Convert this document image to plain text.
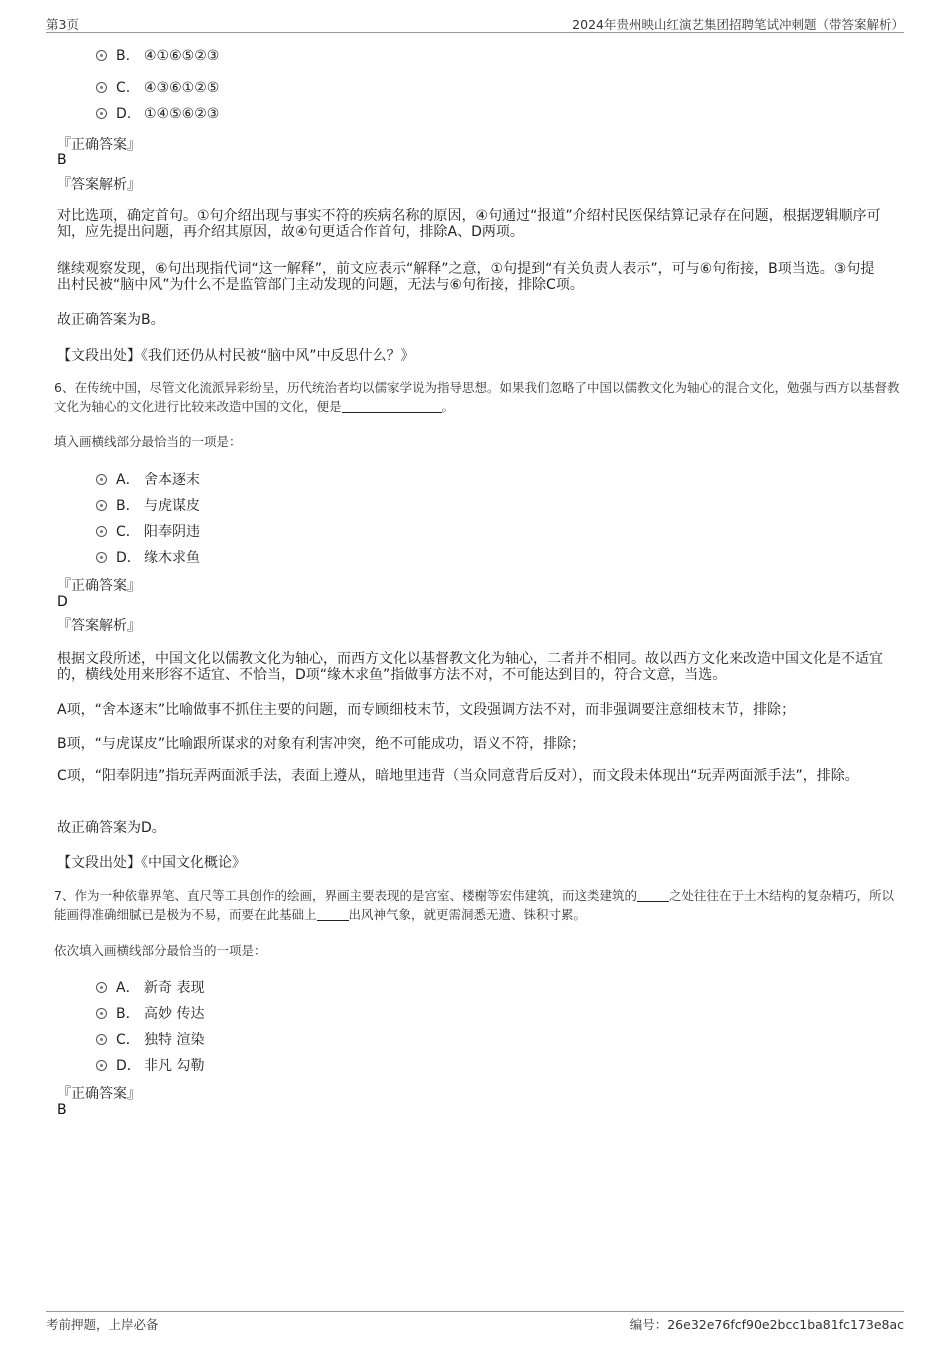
第3页	2024年贵州映山红演艺集团招聘笔试冲刺题（带答案解析）
B. ④①⑥⑤②③
C. ④③⑥①②⑤
D. ①④⑤⑥②③
『正确答案』
B
『答案解析』
对比选项，确定首句。①句介绍出现与事实不符的疾病名称的原因，④句通过“报道”介绍村民医保结算记录存在问题，根据逻辑顺序可知，应先提出问题，再介绍其原因，故④句更适合作首句，排除A、D两项。
继续观察发现，⑥句出现指代词“这一解释”，前文应表示“解释”之意，①句提到“有关负责人表示”，可与⑥句衔接，B项当选。③句提出村民被“脑中风”为什么不是监管部门主动发现的问题，无法与⑥句衔接，排除C项。
故正确答案为B。
【文段出处】《我们还仍从村民被“脑中风”中反思什么？》
6、在传统中国，尽管文化流派异彩纷呈，历代统治者均以儒家学说为指导思想。如果我们忽略了中国以儒教文化为轴心的混合文化，勉强与西方以基督教文化为轴心的文化进行比较来改造中国的文化，便是	。
填入画横线部分最恰当的一项是：
A． 舍本逐末
B． 与虎谋皮
C． 阳奉阴违
D． 缘木求鱼
『正确答案』
D
『答案解析』
根据文段所述，中国文化以儒教文化为轴心，而西方文化以基督教文化为轴心，二者并不相同。故以西方文化来改造中国文化是不适宜的，横线处用来形容不适宜、不恰当，D项“缘木求鱼”指做事方法不对，不可能达到目的，符合文意，当选。
A项，“舍本逐末”比喻做事不抓住主要的问题，而专顾细枝末节，文段强调方法不对，而非强调要注意细枝末节，排除；
B项，“与虎谋皮”比喻跟所谋求的对象有利害冲突，绝不可能成功，语义不符，排除；
C项，“阳奉阴违”指玩弄两面派手法，表面上遵从，暗地里违背（当众同意背后反对），而文段未体现出“玩弄两面派手法”，排除。
故正确答案为D。
【文段出处】《中国文化概论》
7、作为一种依靠界笔、直尺等工具创作的绘画，界画主要表现的是宫室、楼榭等宏伟建筑，而这类建筑的	之处往往在于土木结构的复杂精巧，所以能画得准确细腻已是极为不易，而要在此基础上	出风神气象，就更需洞悉无遗、铢积寸累。
依次填入画横线部分最恰当的一项是：
A． 新奇 表现
B． 高妙 传达
C． 独特 渲染
D． 非凡 勾勒
『正确答案』
B
考前押题，上岸必备	编号：26e32e76fcf90e2bcc1ba81fc173e8ac
